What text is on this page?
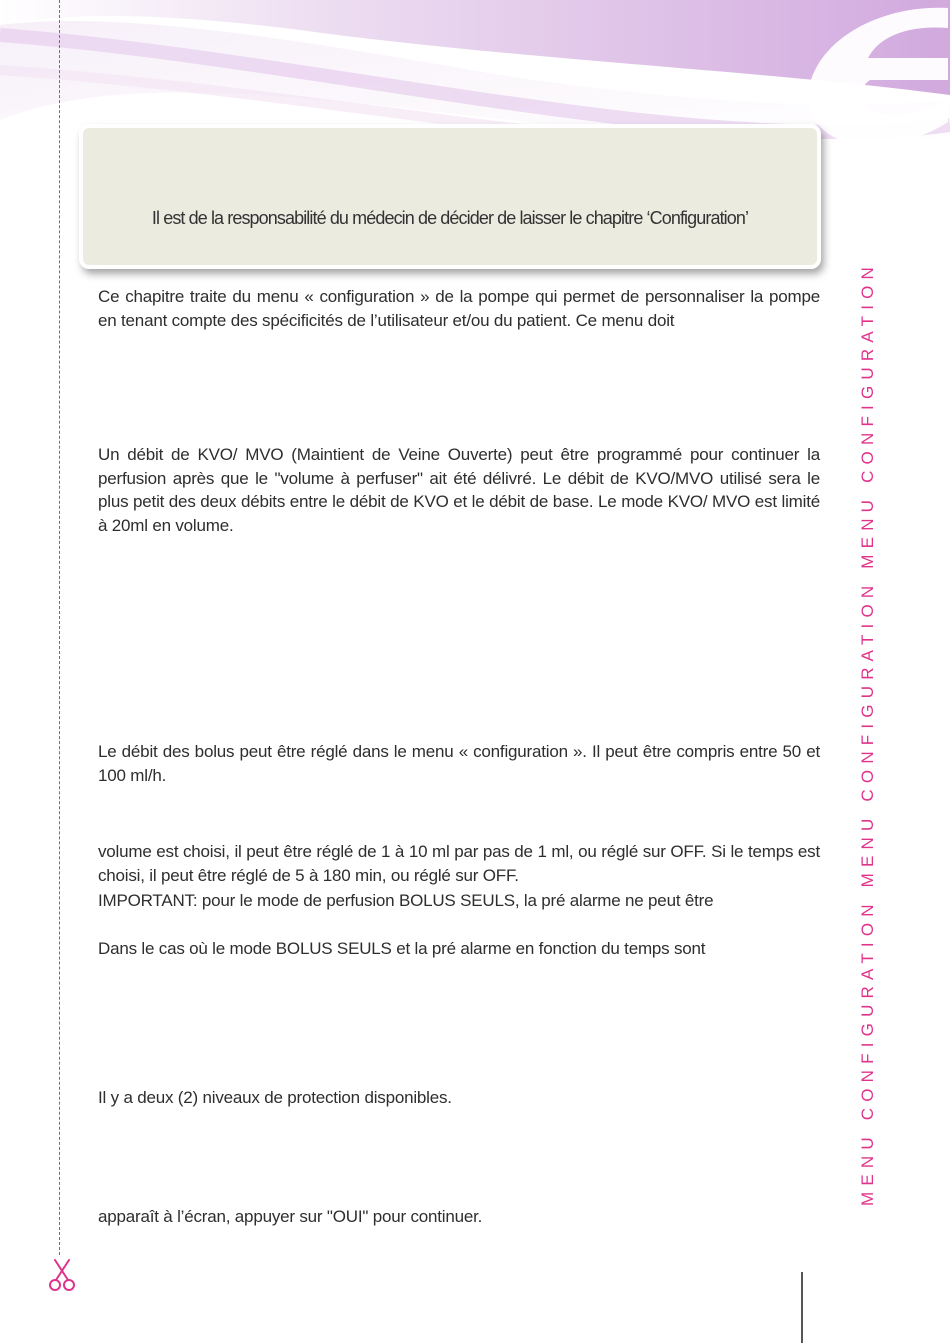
MENU CONFIGURATION MENU CONFIGURATION MENU CONFIGURATION
Il est de la responsabilité du médecin de décider de laisser le chapitre ‘Configuration’
Ce chapitre traite du menu « configuration » de la pompe qui permet de personnaliser la pompe en tenant compte des spécificités de l’utilisateur et/ou du patient. Ce menu doit
Un débit de KVO/ MVO (Maintient de Veine Ouverte) peut être programmé pour continuer la perfusion après que le "volume à perfuser" ait été délivré. Le débit de KVO/MVO utilisé sera le plus petit des deux débits entre le débit de KVO et le débit de base. Le mode KVO/ MVO est limité à 20ml en volume.
Le débit des bolus peut être réglé dans le menu « configuration ». Il peut être compris entre 50 et 100 ml/h.
volume est choisi, il peut être réglé de 1 à 10 ml par pas de 1 ml, ou réglé sur OFF. Si le temps est choisi, il peut être réglé de 5 à 180 min, ou réglé sur OFF.
IMPORTANT: pour le mode de perfusion BOLUS SEULS, la pré alarme ne peut être
Dans le cas où le mode BOLUS SEULS et la pré alarme en fonction du temps sont
Il y a deux (2) niveaux de protection disponibles.
apparaît à l’écran, appuyer sur "OUI" pour continuer.
